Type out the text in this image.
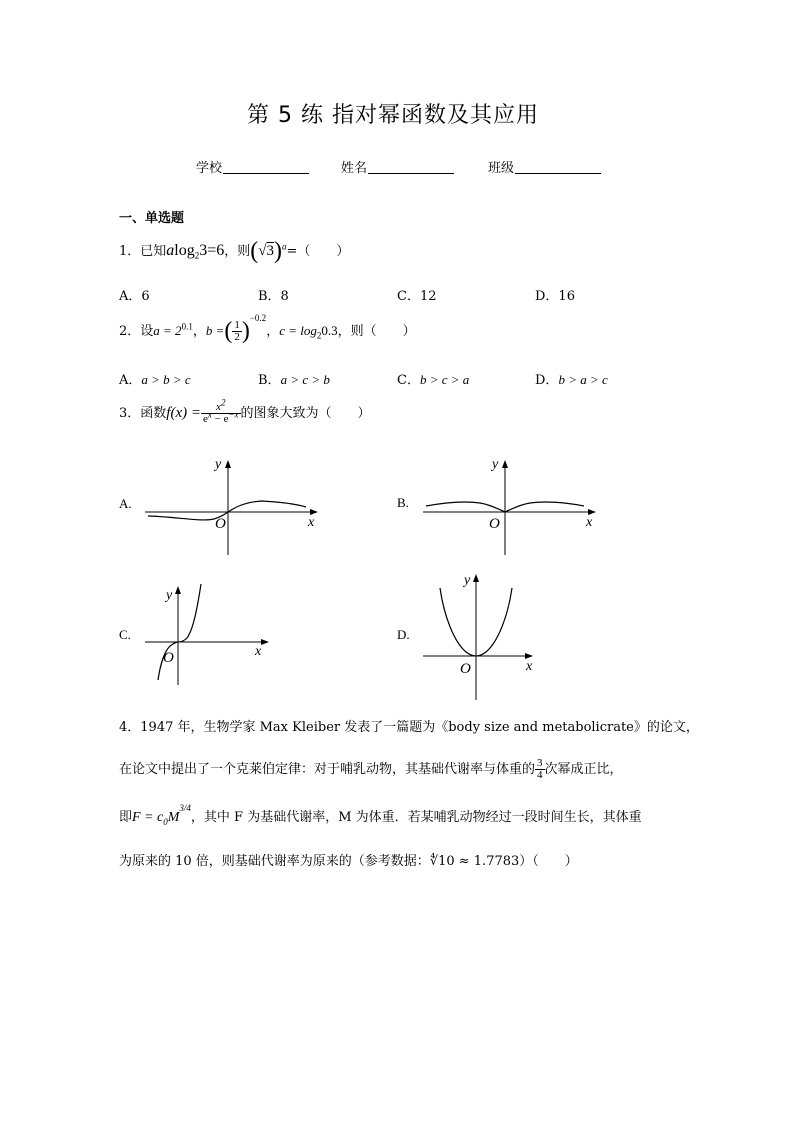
第 5 练 指对幂函数及其应用
学校	姓名	班级
一、单选题
1．已知alog$_2$3=6，则$(√3)^a=$（　　）
A．6	B．8	C．12	D．16
2．设$a = 2^{0.1}$，b =( $\frac{1}{2} )^{-0.2}$，$c = \log_20.3$，则（　　）
A．a > b > c	B．a > c > b	C．b > c > a	D．b > a > c
3．函数$f(x) = \frac{x^2}{e^x - e^{-x}}$ 的图象大致为（　　）
A.	B.
C.	D.
O	x
y
O	x
y
O	x
y
O	x
y
4．1947 年，生物学家 Max Kleiber 发表了一篇题为《body size and metabolicrate》的论文，
在论文中提出了一个克莱伯定律：对于哺乳动物，其基础代谢率与体重的 $\frac{3}{4}$ 次幂成正比，
即$F = c_0M^{3/4}$，其中 F 为基础代谢率，M 为体重．若某哺乳动物经过一段时间生长，其体重
为原来的 10 倍，则基础代谢率为原来的（参考数据：∜10 ≈ 1.7783）（　　）
